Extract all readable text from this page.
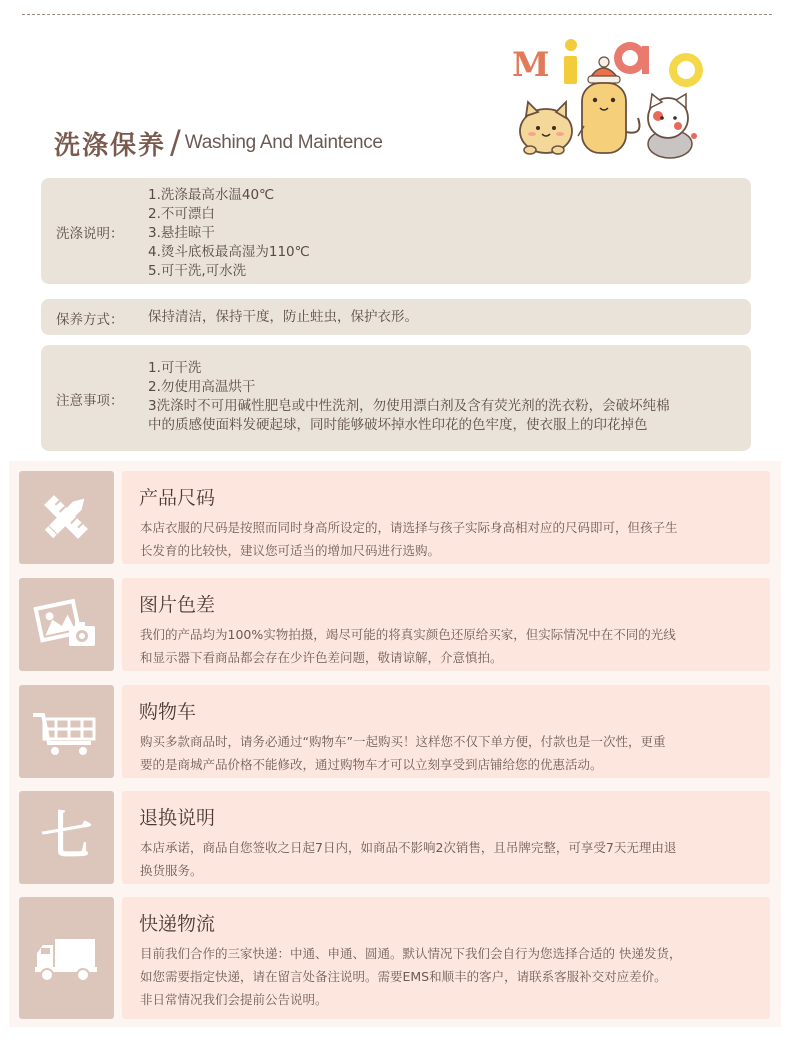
洗涤保养 / Washing And Maintence
M
洗涤说明：
1.洗涤最高水温40℃
2.不可漂白
3.悬挂晾干
4.烫斗底板最高湿为110℃
5.可干洗,可水洗
保养方式： 保持清洁，保持干度，防止蛀虫，保护衣形。
注意事项：
1.可干洗
2.勿使用高温烘干
3洗涤时不可用碱性肥皂或中性洗剂，勿使用漂白剂及含有荧光剂的洗衣粉，会破坏纯棉
中的质感使面料发硬起球，同时能够破坏掉水性印花的色牢度，使衣服上的印花掉色
产品尺码
本店衣服的尺码是按照而同时身高所设定的，请选择与孩子实际身高相对应的尺码即可，但孩子生
长发育的比较快，建议您可适当的增加尺码进行选购。
图片色差
我们的产品均为100%实物拍摄，竭尽可能的将真实颜色还原给买家，但实际情况中在不同的光线
和显示器下看商品都会存在少许色差问题，敬请谅解，介意慎拍。
购物车
购买多款商品时，请务必通过“购物车”一起购买！这样您不仅下单方便，付款也是一次性，更重
要的是商城产品价格不能修改，通过购物车才可以立刻享受到店铺给您的优惠活动。
七	退换说明
本店承诺，商品自您签收之日起7日内，如商品不影响2次销售，且吊牌完整，可享受7天无理由退
换货服务。
快递物流
目前我们合作的三家快递：中通、申通、圆通。默认情况下我们会自行为您选择合适的 快递发货，
如您需要指定快递，请在留言处备注说明。需要EMS和顺丰的客户，请联系客服补交对应差价。
非日常情况我们会提前公告说明。
